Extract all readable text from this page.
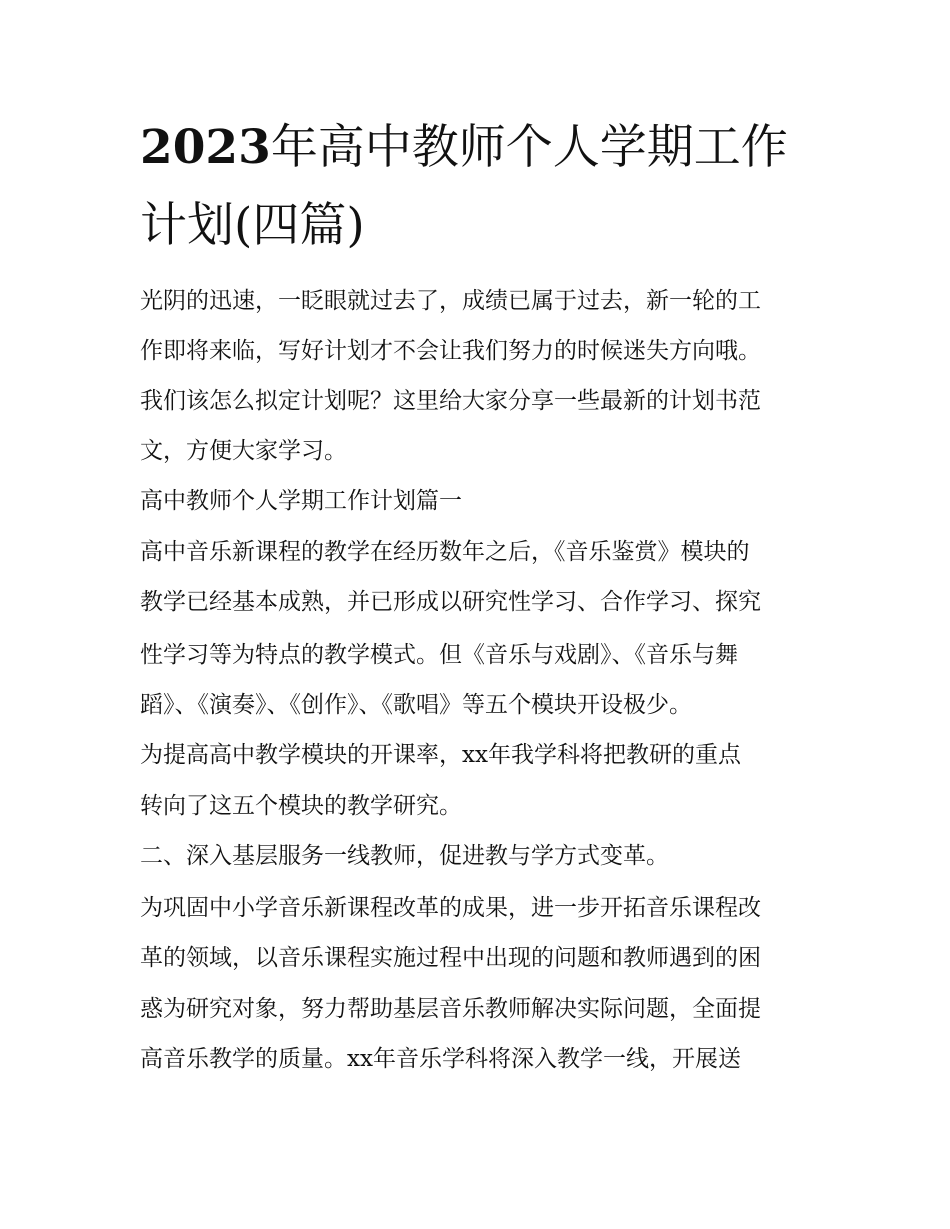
2023年高中教师个人学期工作
计划(四篇)

光阴的迅速，一眨眼就过去了，成绩已属于过去，新一轮的工

作即将来临，写好计划才不会让我们努力的时候迷失方向哦。

我们该怎么拟定计划呢？这里给大家分享一些最新的计划书范

文，方便大家学习。

高中教师个人学期工作计划篇一

高中音乐新课程的教学在经历数年之后，《音乐鉴赏》模块的

教学已经基本成熟，并已形成以研究性学习、合作学习、探究

性学习等为特点的教学模式。但《音乐与戏剧》、《音乐与舞

蹈》、《演奏》、《创作》、《歌唱》等五个模块开设极少。

为提高高中教学模块的开课率，xx年我学科将把教研的重点

转向了这五个模块的教学研究。

二、深入基层服务一线教师，促进教与学方式变革。

为巩固中小学音乐新课程改革的成果，进一步开拓音乐课程改

革的领域，以音乐课程实施过程中出现的问题和教师遇到的困

惑为研究对象，努力帮助基层音乐教师解决实际问题，全面提

高音乐教学的质量。xx年音乐学科将深入教学一线，开展送
